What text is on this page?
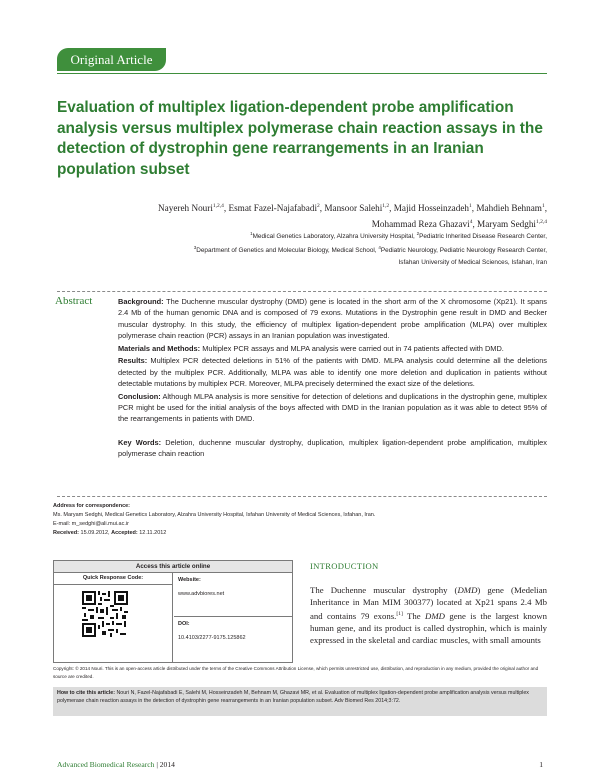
Original Article
Evaluation of multiplex ligation-dependent probe amplification analysis versus multiplex polymerase chain reaction assays in the detection of dystrophin gene rearrangements in an Iranian population subset
Nayereh Nouri$^{1,2,4}$, Esmat Fazel-Najafabadi$^2$, Mansoor Salehi$^{1,2}$, Majid Hosseinzadeh$^1$, Mahdieh Behnam$^1$,
Mohammad Reza Ghazavi$^4$, Maryam Sedghi$^{1,2,4}$
$^1$Medical Genetics Laboratory, Alzahra University Hospital, $^2$Pediatric Inherited Disease Research Center,
$^3$Department of Genetics and Molecular Biology, Medical School, $^4$Pediatric Neurology, Pediatric Neurology Research Center,
Isfahan University of Medical Sciences, Isfahan, Iran
Abstract	Background: The Duchenne muscular dystrophy (DMD) gene is located in the short arm of the X chromosome (Xp21). It spans 2.4 Mb of the human genomic DNA and is composed of 79 exons. Mutations in the Dystrophin gene result in DMD and Becker muscular dystrophy. In this study, the efficiency of multiplex ligation-dependent probe amplification (MLPA) over multiplex polymerase chain reaction (PCR) assays in an Iranian population was investigated.

Materials and Methods: Multiplex PCR assays and MLPA analysis were carried out in 74 patients affected with DMD.

Results: Multiplex PCR detected deletions in 51% of the patients with DMD. MLPA analysis could determine all the deletions detected by the multiplex PCR. Additionally, MLPA was able to identify one more deletion and duplication in patients without detectable mutations by multiplex PCR. Moreover, MLPA precisely determined the exact size of the deletions.

Conclusion: Although MLPA analysis is more sensitive for detection of deletions and duplications in the dystrophin gene, multiplex PCR might be used for the initial analysis of the boys affected with DMD in the Iranian population as it was able to detect 95% of the rearrangements in patients with DMD.

Key Words: Deletion, duchenne muscular dystrophy, duplication, multiplex ligation-dependent probe amplification, multiplex polymerase chain reaction

Address for correspondence:
Ms. Maryam Sedghi, Medical Genetics Laboratory, Alzahra University Hospital, Isfahan University of Medical Sciences, Isfahan, Iran.
E-mail: m_sedghi@ali.mui.ac.ir
Received: 15.09.2012, Accepted: 12.11.2012
Access this article online
Quick Response Code:	Website:
www.advbiores.net
DOI:
10.4103/2277-9175.125862
INTRODUCTION
The Duchenne muscular dystrophy (DMD) gene (Medelian Inheritance in Man MIM 300377) located at Xp21 spans 2.4 Mb and contains 79 exons.[1] The DMD gene is the largest known human gene, and its product is called dystrophin, which is mainly expressed in the skeletal and cardiac muscles, with small amounts
Copyright: © 2014 Nouri. This is an open-access article distributed under the terms of the Creative Commons Attribution License, which permits unrestricted use, distribution, and reproduction in any medium, provided the original author and source are credited.
How to cite this article: Nouri N, Fazel-Najafabadi E, Salehi M, Hosseinzadeh M, Behnam M, Ghazavi MR, et al. Evaluation of multiplex ligation-dependent probe amplification analysis versus multiplex polymerase chain reaction assays in the detection of dystrophin gene rearrangements in an Iranian population subset. Adv Biomed Res 2014;3:72.
Advanced Biomedical Research | 2014	1
